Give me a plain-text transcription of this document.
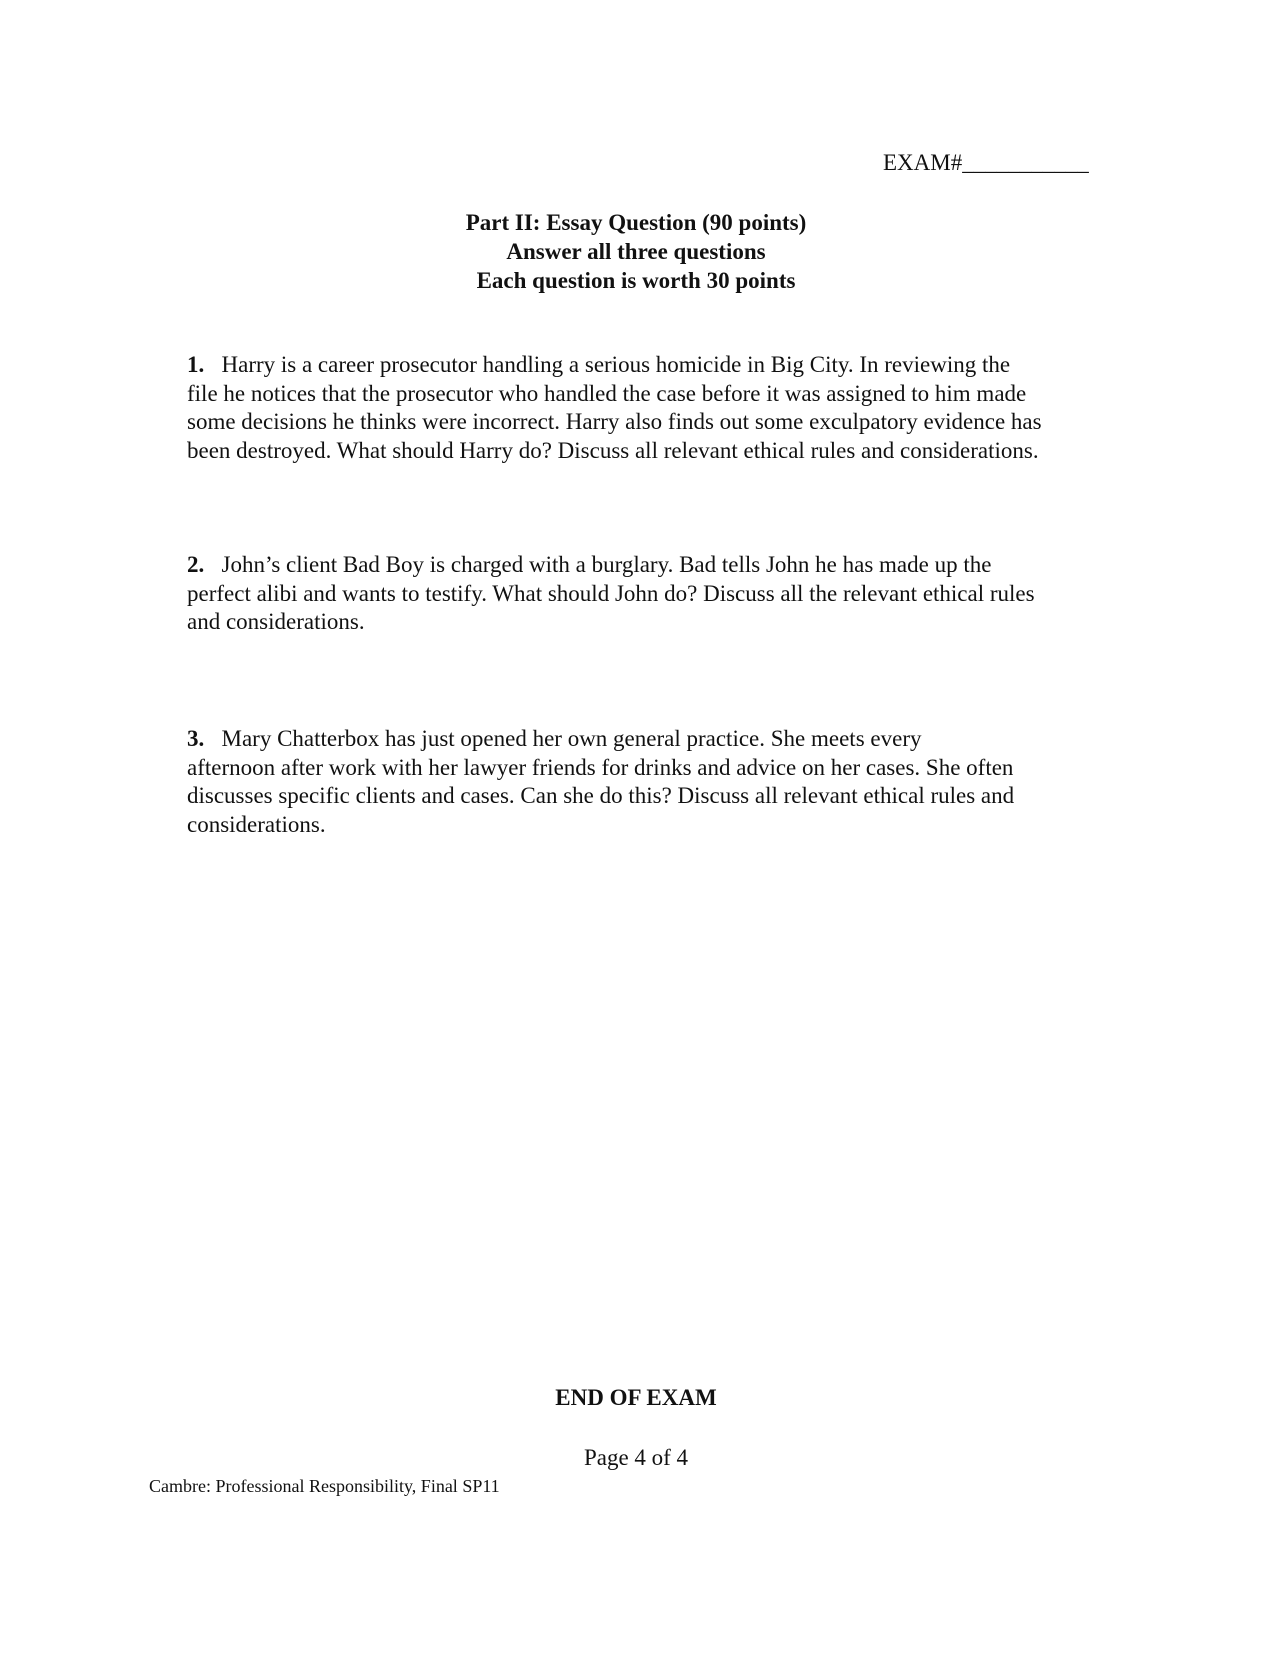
EXAM#___________
Part II: Essay Question (90 points)
Answer all three questions
Each question is worth 30 points
1. Harry is a career prosecutor handling a serious homicide in Big City. In reviewing the
file he notices that the prosecutor who handled the case before it was assigned to him made
some decisions he thinks were incorrect. Harry also finds out some exculpatory evidence has
been destroyed. What should Harry do? Discuss all relevant ethical rules and considerations.
2. John’s client Bad Boy is charged with a burglary. Bad tells John he has made up the
perfect alibi and wants to testify. What should John do? Discuss all the relevant ethical rules
and considerations.
3. Mary Chatterbox has just opened her own general practice. She meets every
afternoon after work with her lawyer friends for drinks and advice on her cases. She often
discusses specific clients and cases. Can she do this? Discuss all relevant ethical rules and
considerations.
END OF EXAM
Page 4 of 4
Cambre: Professional Responsibility, Final SP11
